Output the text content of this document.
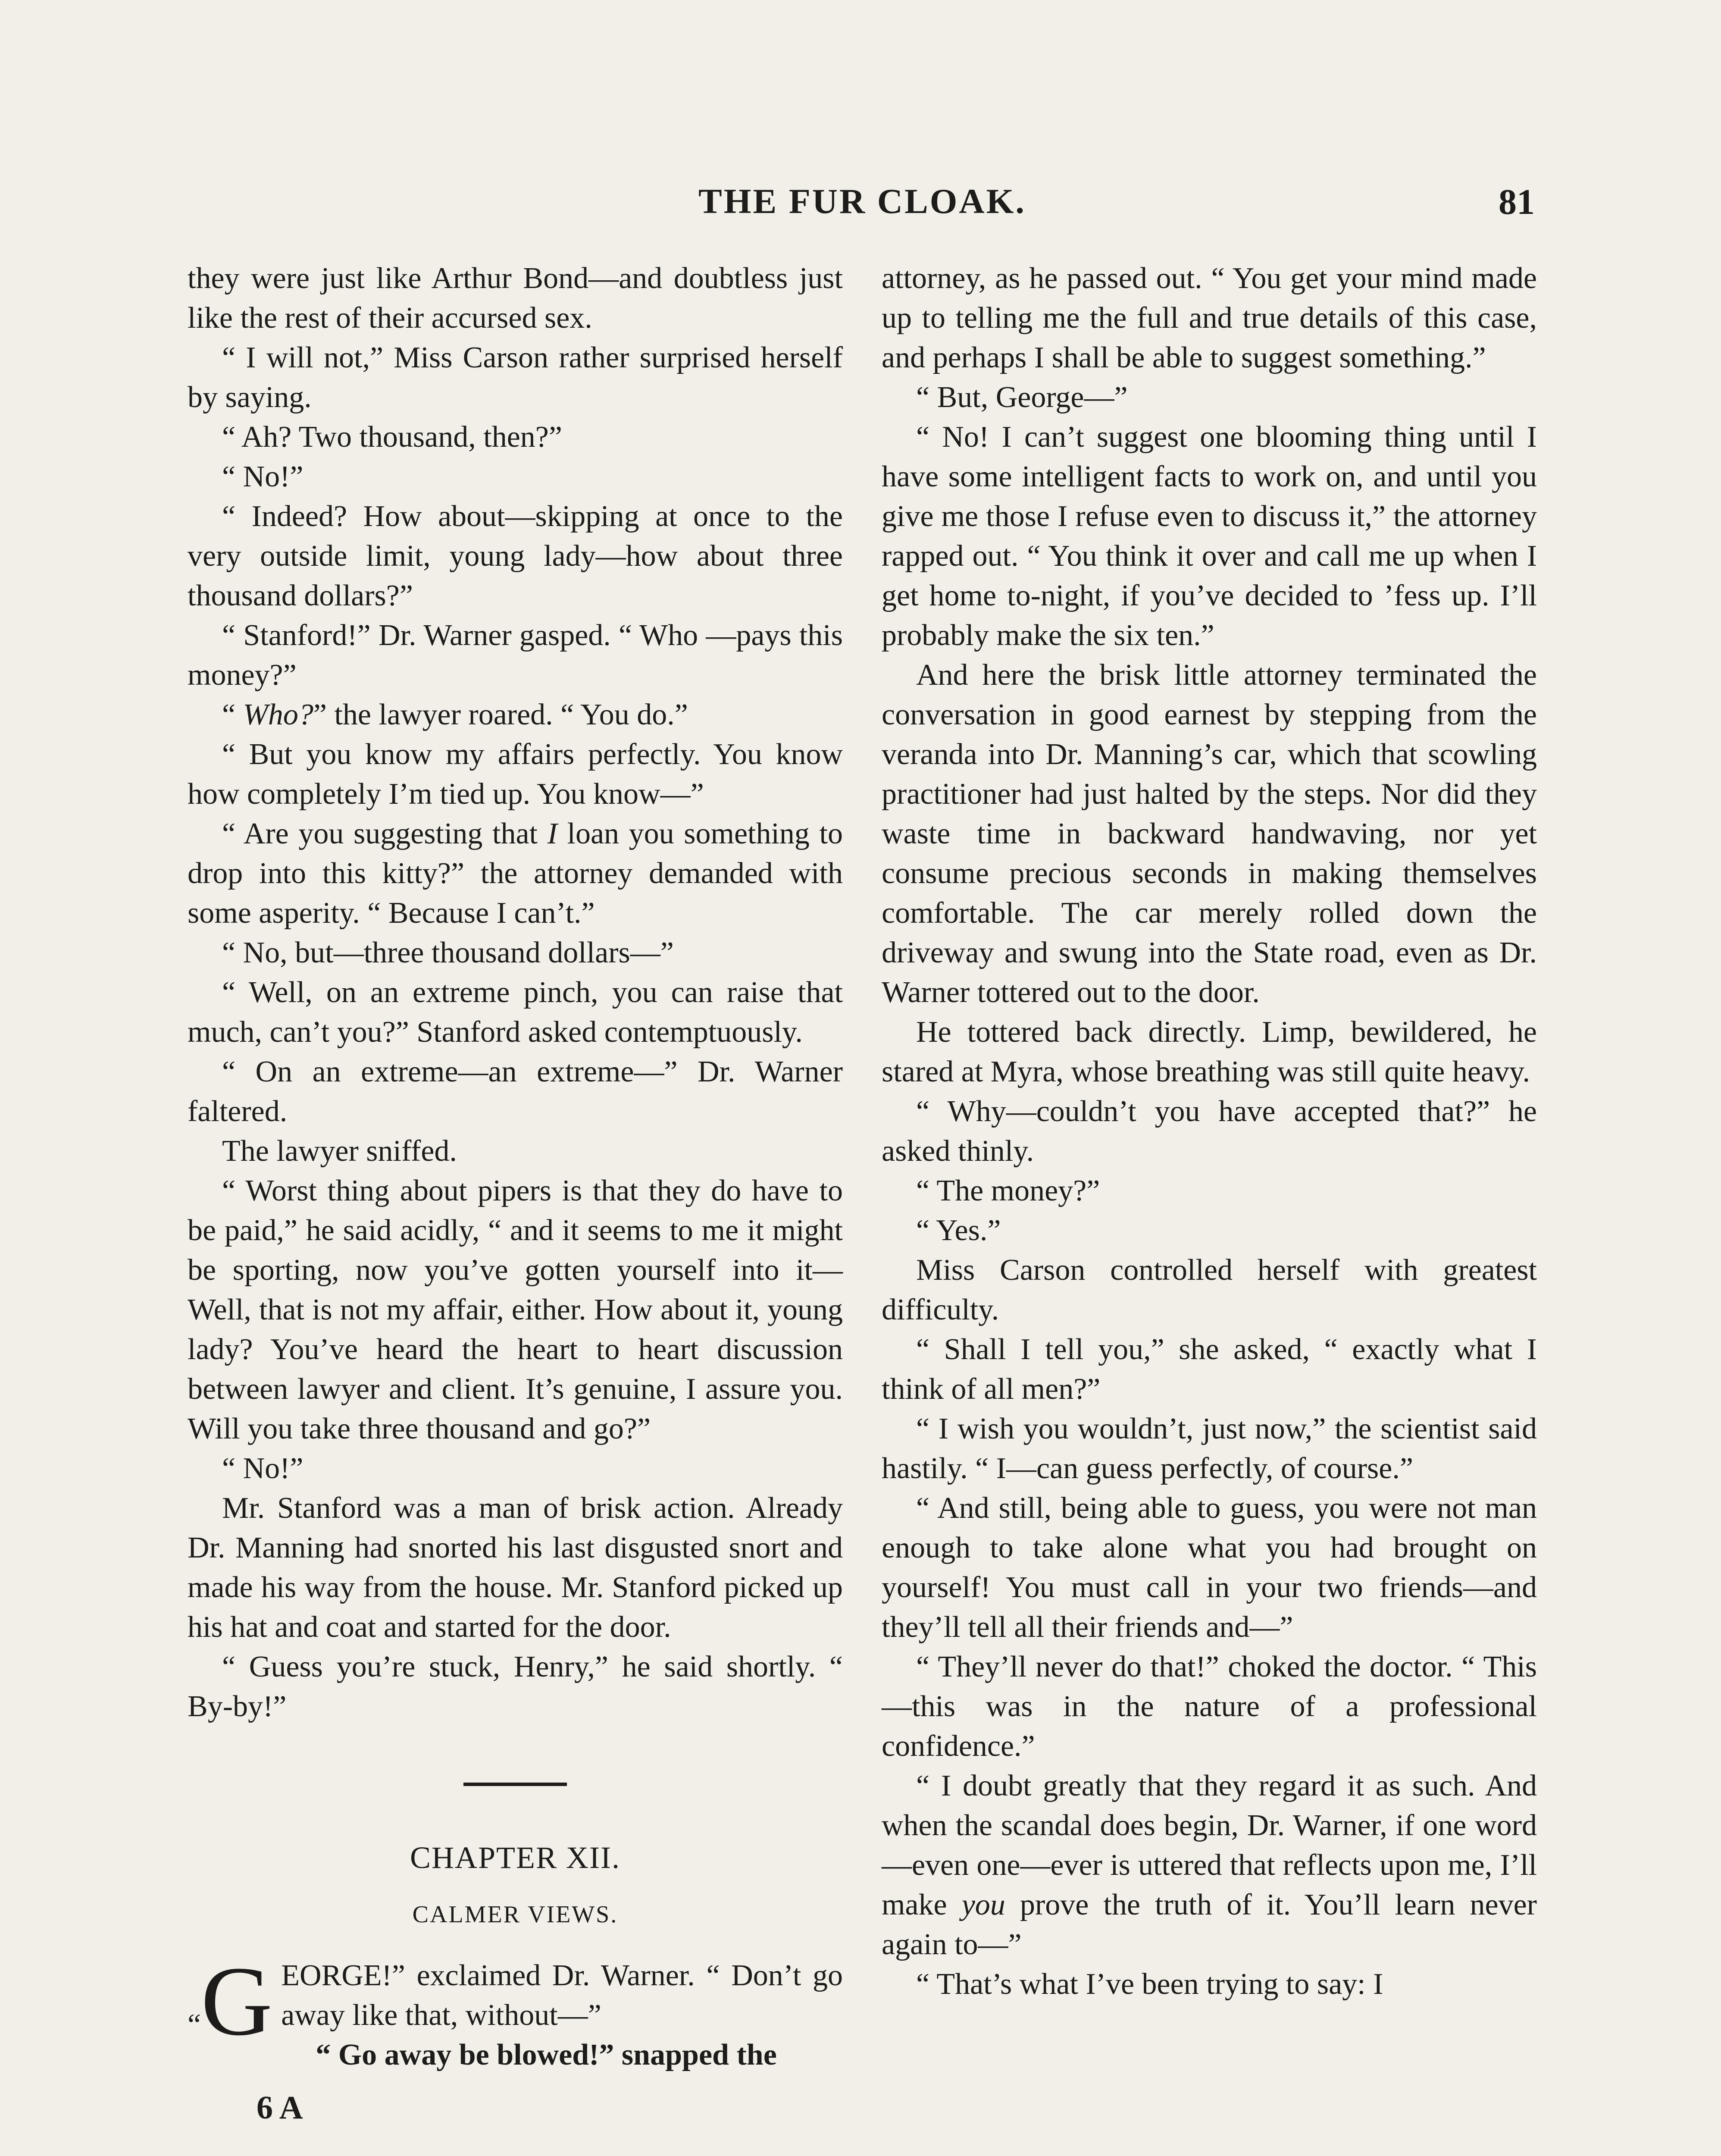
THE FUR CLOAK.	81

they were just like Arthur Bond—and doubtless just like the rest of their accursed sex.

“ I will not,” Miss Carson rather surprised herself by saying.

“ Ah? Two thousand, then?”

“ No!”

“ Indeed? How about—skipping at once to the very outside limit, young lady—how about three thousand dollars?”

“ Stanford!” Dr. Warner gasped. “ Who —pays this money?”

“ Who?” the lawyer roared. “ You do.”

“ But you know my affairs perfectly. You know how completely I’m tied up. You know—”

“ Are you suggesting that I loan you something to drop into this kitty?” the attorney demanded with some asperity. “ Because I can’t.”

“ No, but—three thousand dollars—”

“ Well, on an extreme pinch, you can raise that much, can’t you?” Stanford asked contemptuously.

“ On an extreme—an extreme—” Dr. Warner faltered.

The lawyer sniffed.

“ Worst thing about pipers is that they do have to be paid,” he said acidly, “ and it seems to me it might be sporting, now you’ve gotten yourself into it— Well, that is not my affair, either. How about it, young lady? You’ve heard the heart to heart discussion between lawyer and client. It’s genuine, I assure you. Will you take three thousand and go?”

“ No!”

Mr. Stanford was a man of brisk action. Already Dr. Manning had snorted his last disgusted snort and made his way from the house. Mr. Stanford picked up his hat and coat and started for the door.

“ Guess you’re stuck, Henry,” he said shortly. “ By-by!”

CHAPTER XII.
CALMER VIEWS.

“G EORGE!” exclaimed Dr. Warner. “ Don’t go away like that, without—”

“ Go away be blowed!” snapped the

6 A

attorney, as he passed out. “ You get your mind made up to telling me the full and true details of this case, and perhaps I shall be able to suggest something.”

“ But, George—”

“ No! I can’t suggest one blooming thing until I have some intelligent facts to work on, and until you give me those I refuse even to discuss it,” the attorney rapped out. “ You think it over and call me up when I get home to-night, if you’ve decided to ’fess up. I’ll probably make the six ten.”

And here the brisk little attorney terminated the conversation in good earnest by stepping from the veranda into Dr. Manning’s car, which that scowling practitioner had just halted by the steps. Nor did they waste time in backward handwaving, nor yet consume precious seconds in making themselves comfortable. The car merely rolled down the driveway and swung into the State road, even as Dr. Warner tottered out to the door.

He tottered back directly. Limp, bewildered, he stared at Myra, whose breathing was still quite heavy.

“ Why—couldn’t you have accepted that?” he asked thinly.

“ The money?”

“ Yes.”

Miss Carson controlled herself with greatest difficulty.

“ Shall I tell you,” she asked, “ exactly what I think of all men?”

“ I wish you wouldn’t, just now,” the scientist said hastily. “ I—can guess perfectly, of course.”

“ And still, being able to guess, you were not man enough to take alone what you had brought on yourself! You must call in your two friends—and they’ll tell all their friends and—”

“ They’ll never do that!” choked the doctor. “ This—this was in the nature of a professional confidence.”

“ I doubt greatly that they regard it as such. And when the scandal does begin, Dr. Warner, if one word—even one—ever is uttered that reflects upon me, I’ll make you prove the truth of it. You’ll learn never again to—”

“ That’s what I’ve been trying to say: I
